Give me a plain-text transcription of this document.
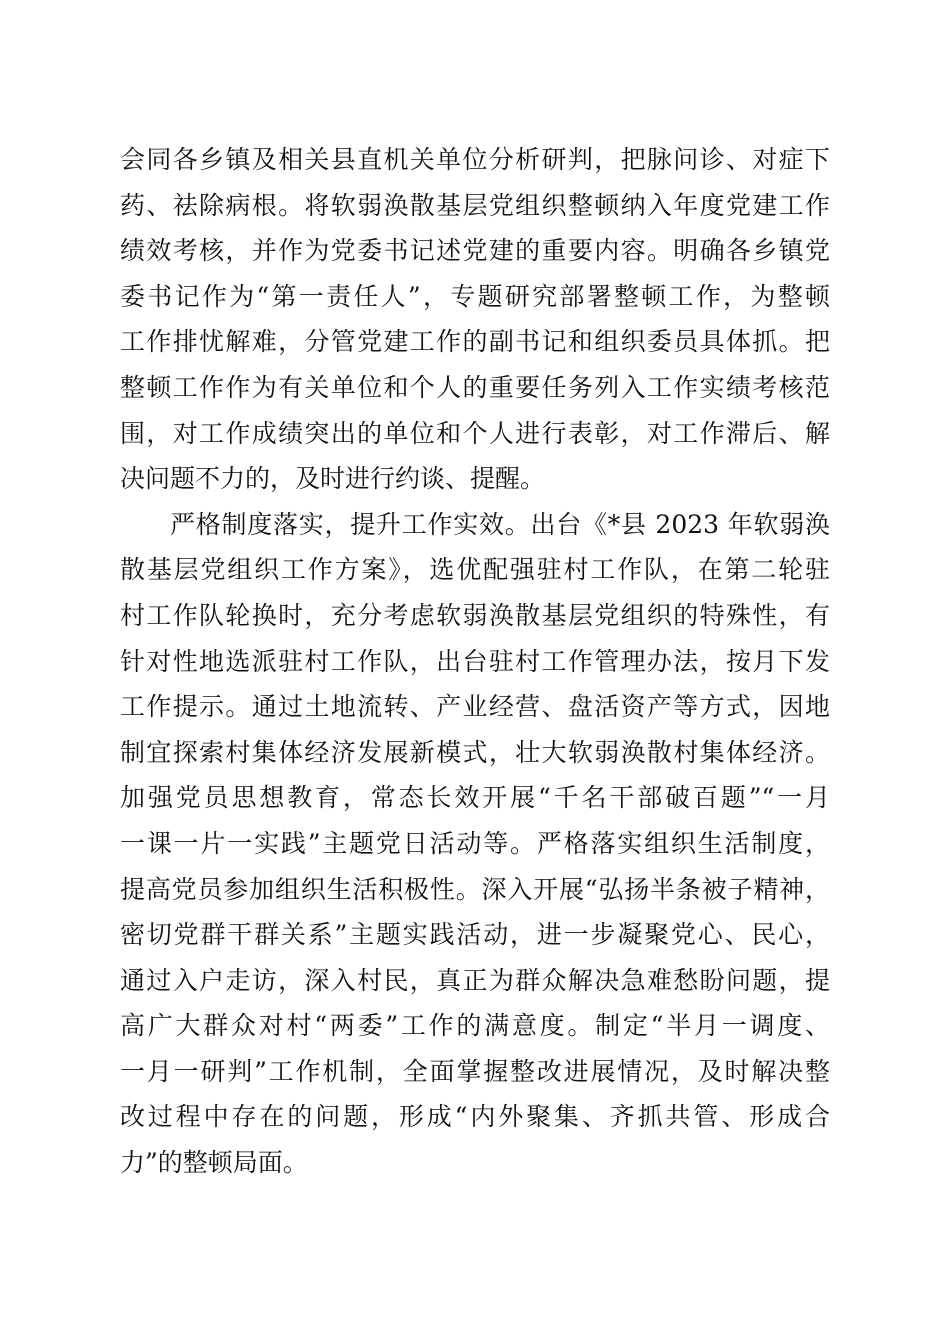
会同各乡镇及相关县直机关单位分析研判，把脉问诊、对症下
药、祛除病根。将软弱涣散基层党组织整顿纳入年度党建工作
绩效考核，并作为党委书记述党建的重要内容。明确各乡镇党
委书记作为“第一责任人”，专题研究部署整顿工作，为整顿
工作排忧解难，分管党建工作的副书记和组织委员具体抓。把
整顿工作作为有关单位和个人的重要任务列入工作实绩考核范
围，对工作成绩突出的单位和个人进行表彰，对工作滞后、解
决问题不力的，及时进行约谈、提醒。

严格制度落实，提升工作实效。出台《*县 2023 年软弱涣
散基层党组织工作方案》，选优配强驻村工作队，在第二轮驻
村工作队轮换时，充分考虑软弱涣散基层党组织的特殊性，有
针对性地选派驻村工作队，出台驻村工作管理办法，按月下发
工作提示。通过土地流转、产业经营、盘活资产等方式，因地
制宜探索村集体经济发展新模式，壮大软弱涣散村集体经济。
加强党员思想教育，常态长效开展“千名干部破百题”“一月
一课一片一实践”主题党日活动等。严格落实组织生活制度，
提高党员参加组织生活积极性。深入开展“弘扬半条被子精神，
密切党群干群关系”主题实践活动，进一步凝聚党心、民心，
通过入户走访，深入村民，真正为群众解决急难愁盼问题，提
高广大群众对村“两委”工作的满意度。制定“半月一调度、
一月一研判”工作机制，全面掌握整改进展情况，及时解决整
改过程中存在的问题，形成“内外聚集、齐抓共管、形成合
力”的整顿局面。
